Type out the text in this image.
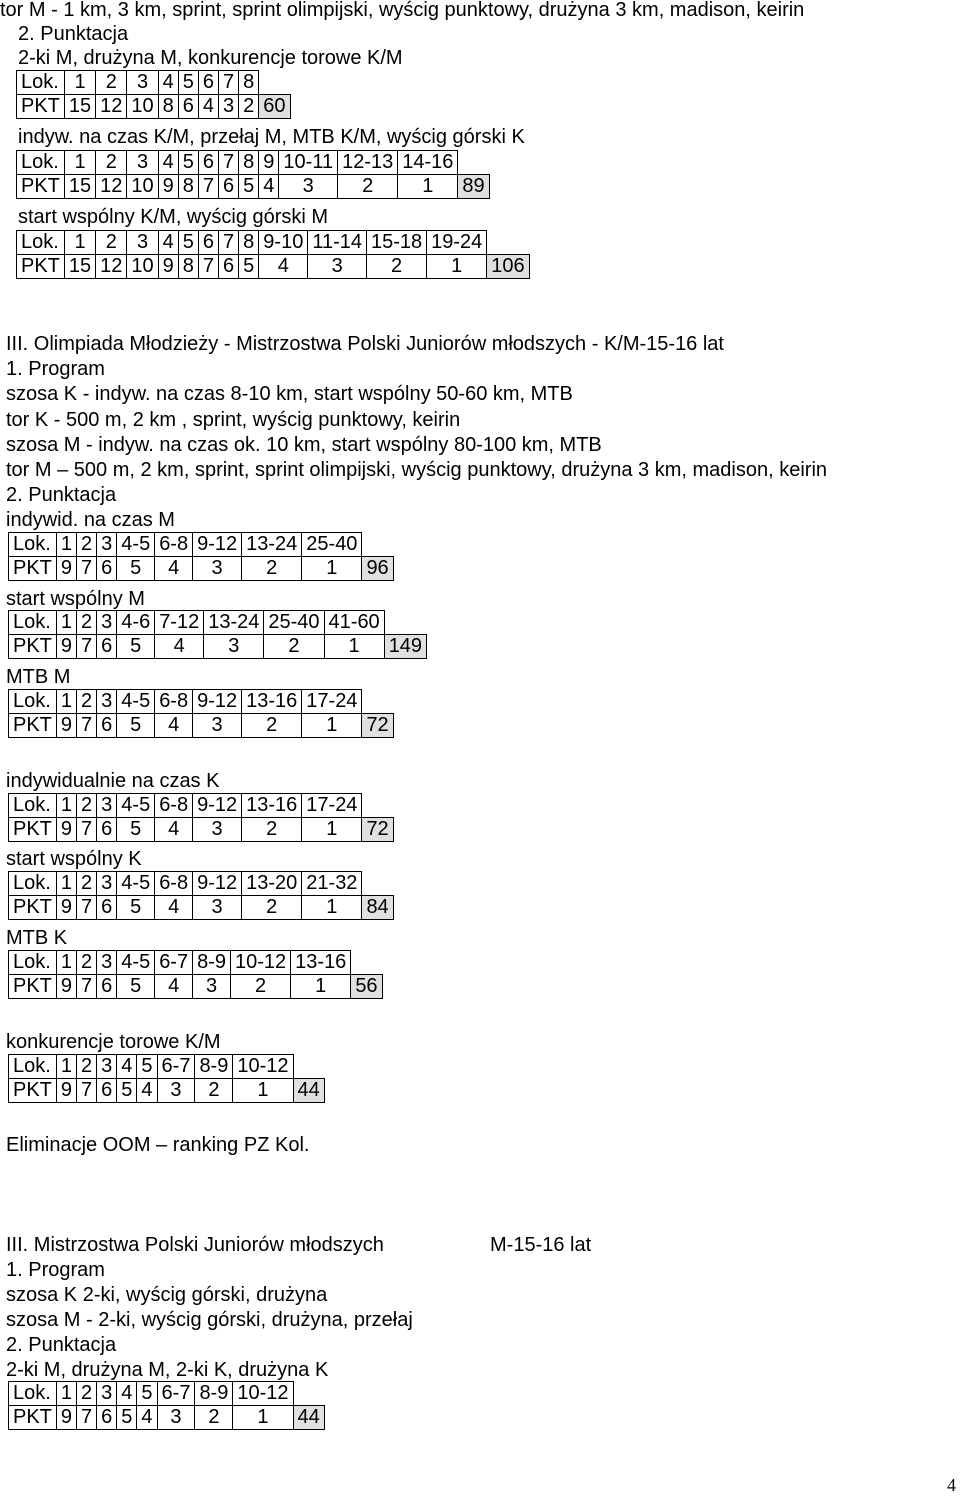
tor M - 1 km, 3 km, sprint, sprint olimpijski, wyścig punktowy, drużyna 3 km, madison, keirin
2. Punktacja
2-ki M, drużyna M, konkurencje torowe K/M
Lok.	1	2	3	4	5	6	7	8	
PKT	15	12	10	8	6	4	3	2	60
indyw. na czas K/M, przełaj M, MTB K/M, wyścig górski K
Lok.	1	2	3	4	5	6	7	8	9	10-11	12-13	14-16	
PKT	15	12	10	9	8	7	6	5	4	3	2	1	89
start wspólny K/M, wyścig górski M
Lok.	1	2	3	4	5	6	7	8	9-10	11-14	15-18	19-24	
PKT	15	12	10	9	8	7	6	5	4	3	2	1	106
III. Olimpiada Młodzieży - Mistrzostwa Polski Juniorów młodszych - K/M-15-16 lat
1. Program
szosa K - indyw. na czas 8-10 km, start wspólny 50-60 km, MTB
tor K - 500 m, 2 km , sprint, wyścig punktowy, keirin
szosa M - indyw. na czas ok. 10 km, start wspólny 80-100 km, MTB
tor M – 500 m, 2 km, sprint, sprint olimpijski, wyścig punktowy, drużyna 3 km, madison, keirin
2. Punktacja
indywid. na czas M
Lok.	1	2	3	4-5	6-8	9-12	13-24	25-40	
PKT	9	7	6	5	4	3	2	1	96
start wspólny M
Lok.	1	2	3	4-6	7-12	13-24	25-40	41-60	
PKT	9	7	6	5	4	3	2	1	149
MTB M
Lok.	1	2	3	4-5	6-8	9-12	13-16	17-24	
PKT	9	7	6	5	4	3	2	1	72
indywidualnie na czas K
Lok.	1	2	3	4-5	6-8	9-12	13-16	17-24	
PKT	9	7	6	5	4	3	2	1	72
start wspólny K
Lok.	1	2	3	4-5	6-8	9-12	13-20	21-32	
PKT	9	7	6	5	4	3	2	1	84
MTB K
Lok.	1	2	3	4-5	6-7	8-9	10-12	13-16	
PKT	9	7	6	5	4	3	2	1	56
konkurencje torowe K/M
Lok.	1	2	3	4	5	6-7	8-9	10-12	
PKT	9	7	6	5	4	3	2	1	44
Eliminacje OOM – ranking PZ Kol.
III. Mistrzostwa Polski Juniorów młodszych	M-15-16 lat
1. Program
szosa K 2-ki, wyścig górski, drużyna
szosa M - 2-ki, wyścig górski, drużyna, przełaj
2. Punktacja
2-ki M, drużyna M, 2-ki K, drużyna K
Lok.	1	2	3	4	5	6-7	8-9	10-12	
PKT	9	7	6	5	4	3	2	1	44
4
